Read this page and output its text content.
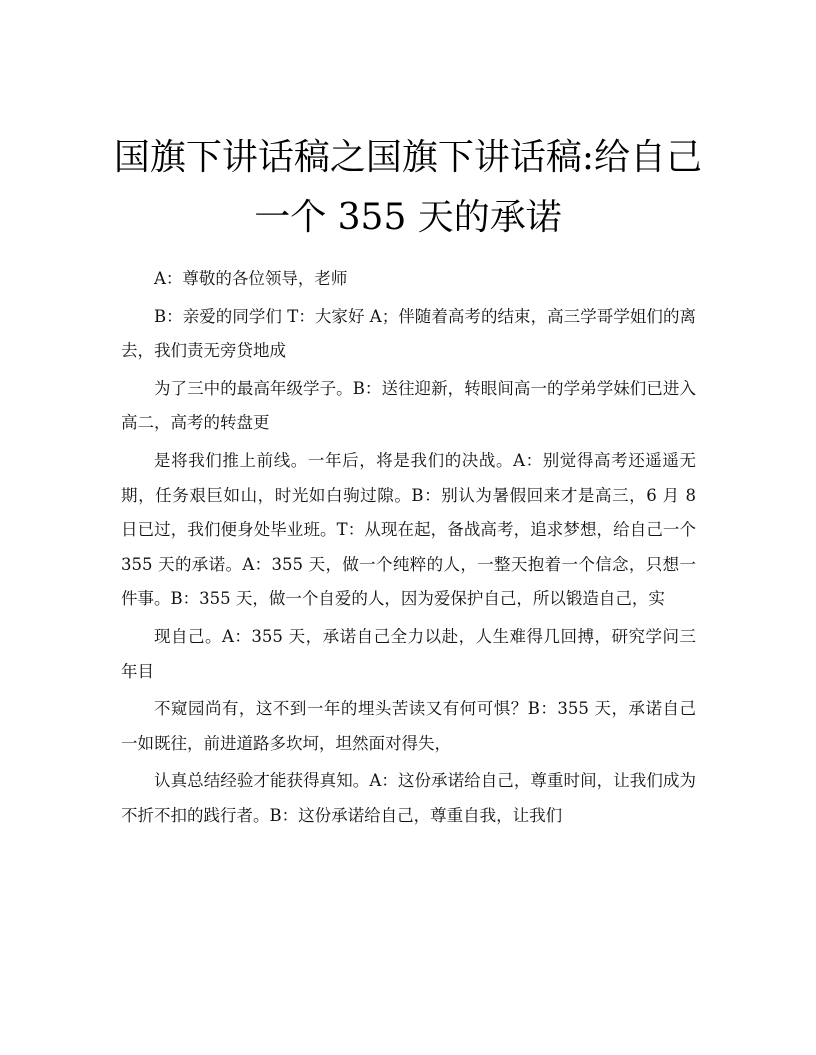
国旗下讲话稿之国旗下讲话稿:给自己
一个 355 天的承诺

A：尊敬的各位领导，老师

B：亲爱的同学们 T：大家好 A；伴随着高考的结束，高三学哥学姐们的离去，我们责无旁贷地成

为了三中的最高年级学子。B：送往迎新，转眼间高一的学弟学妹们已进入高二，高考的转盘更

是将我们推上前线。一年后，将是我们的决战。A：别觉得高考还遥遥无期，任务艰巨如山，时光如白驹过隙。B：别认为暑假回来才是高三，6 月 8 日已过，我们便身处毕业班。T：从现在起，备战高考，追求梦想，给自己一个 355 天的承诺。A：355 天，做一个纯粹的人，一整天抱着一个信念，只想一件事。B：355 天，做一个自爱的人，因为爱保护自己，所以锻造自己，实

现自己。A：355 天，承诺自己全力以赴，人生难得几回搏，研究学问三年目

不窥园尚有，这不到一年的埋头苦读又有何可惧？B：355 天，承诺自己一如既往，前进道路多坎坷，坦然面对得失，

认真总结经验才能获得真知。A：这份承诺给自己，尊重时间，让我们成为不折不扣的践行者。B：这份承诺给自己，尊重自我，让我们
